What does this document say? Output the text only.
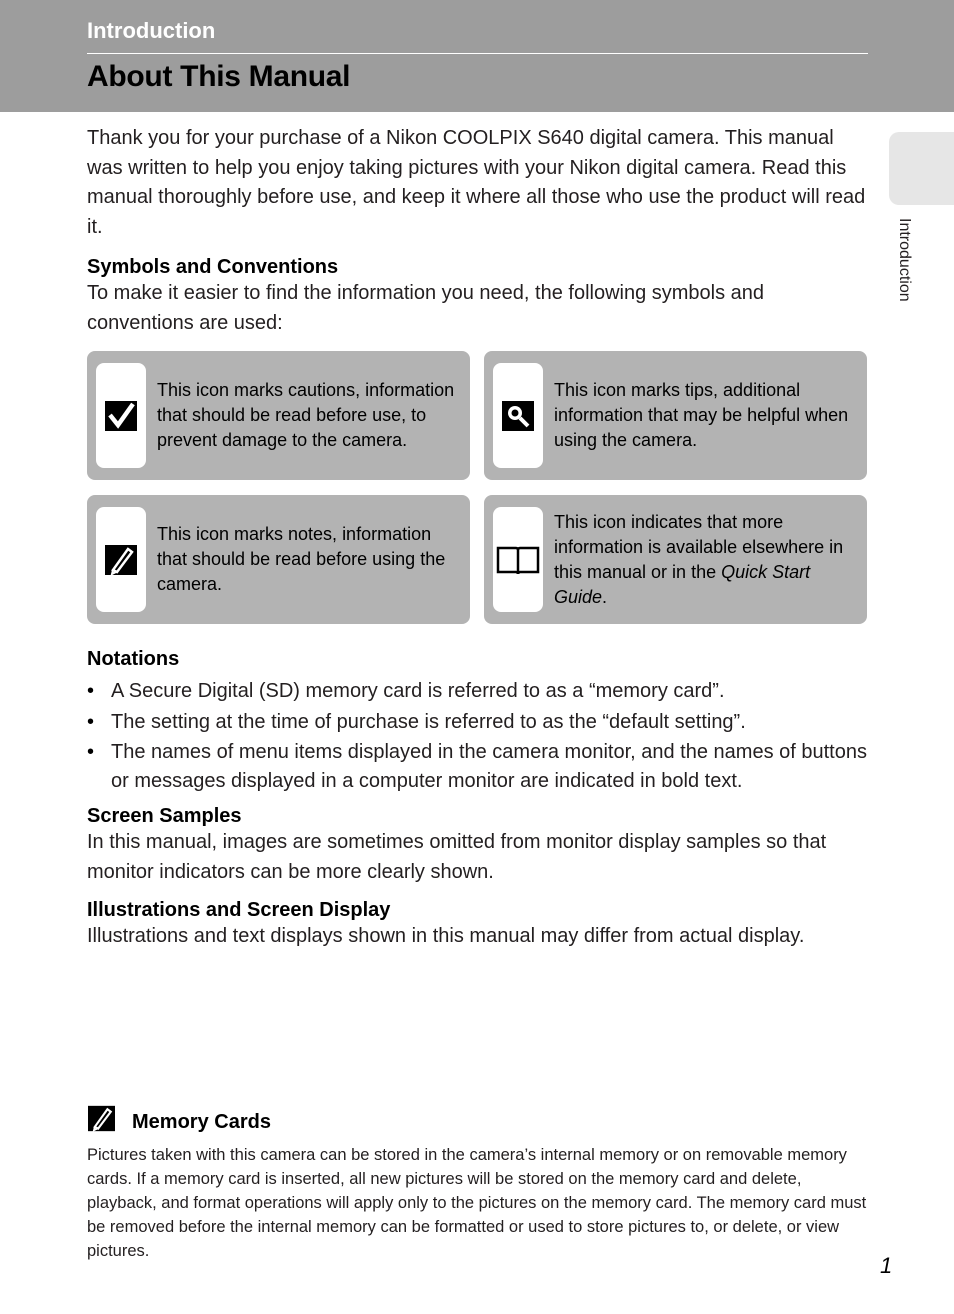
Introduction
About This Manual
Introduction

Thank you for your purchase of a Nikon COOLPIX S640 digital camera. This manual was written to help you enjoy taking pictures with your Nikon digital camera. Read this manual thoroughly before use, and keep it where all those who use the product will read it.

Symbols and Conventions

To make it easier to find the information you need, the following symbols and conventions are used:

This icon marks cautions, information that should be read before use, to prevent damage to the camera.
This icon marks tips, additional information that may be helpful when using the camera.
This icon marks notes, information that should be read before using the camera.
This icon indicates that more information is available elsewhere in this manual or in the Quick Start Guide.
Notations
• A Secure Digital (SD) memory card is referred to as a “memory card”.
• The setting at the time of purchase is referred to as the “default setting”.
• The names of menu items displayed in the camera monitor, and the names of buttons or messages displayed in a computer monitor are indicated in bold text.
Screen Samples

In this manual, images are sometimes omitted from monitor display samples so that monitor indicators can be more clearly shown.

Illustrations and Screen Display

Illustrations and text displays shown in this manual may differ from actual display.

Memory Cards

Pictures taken with this camera can be stored in the camera’s internal memory or on removable memory cards. If a memory card is inserted, all new pictures will be stored on the memory card and delete, playback, and format operations will apply only to the pictures on the memory card. The memory card must be removed before the internal memory can be formatted or used to store pictures to, or delete, or view pictures.

1
